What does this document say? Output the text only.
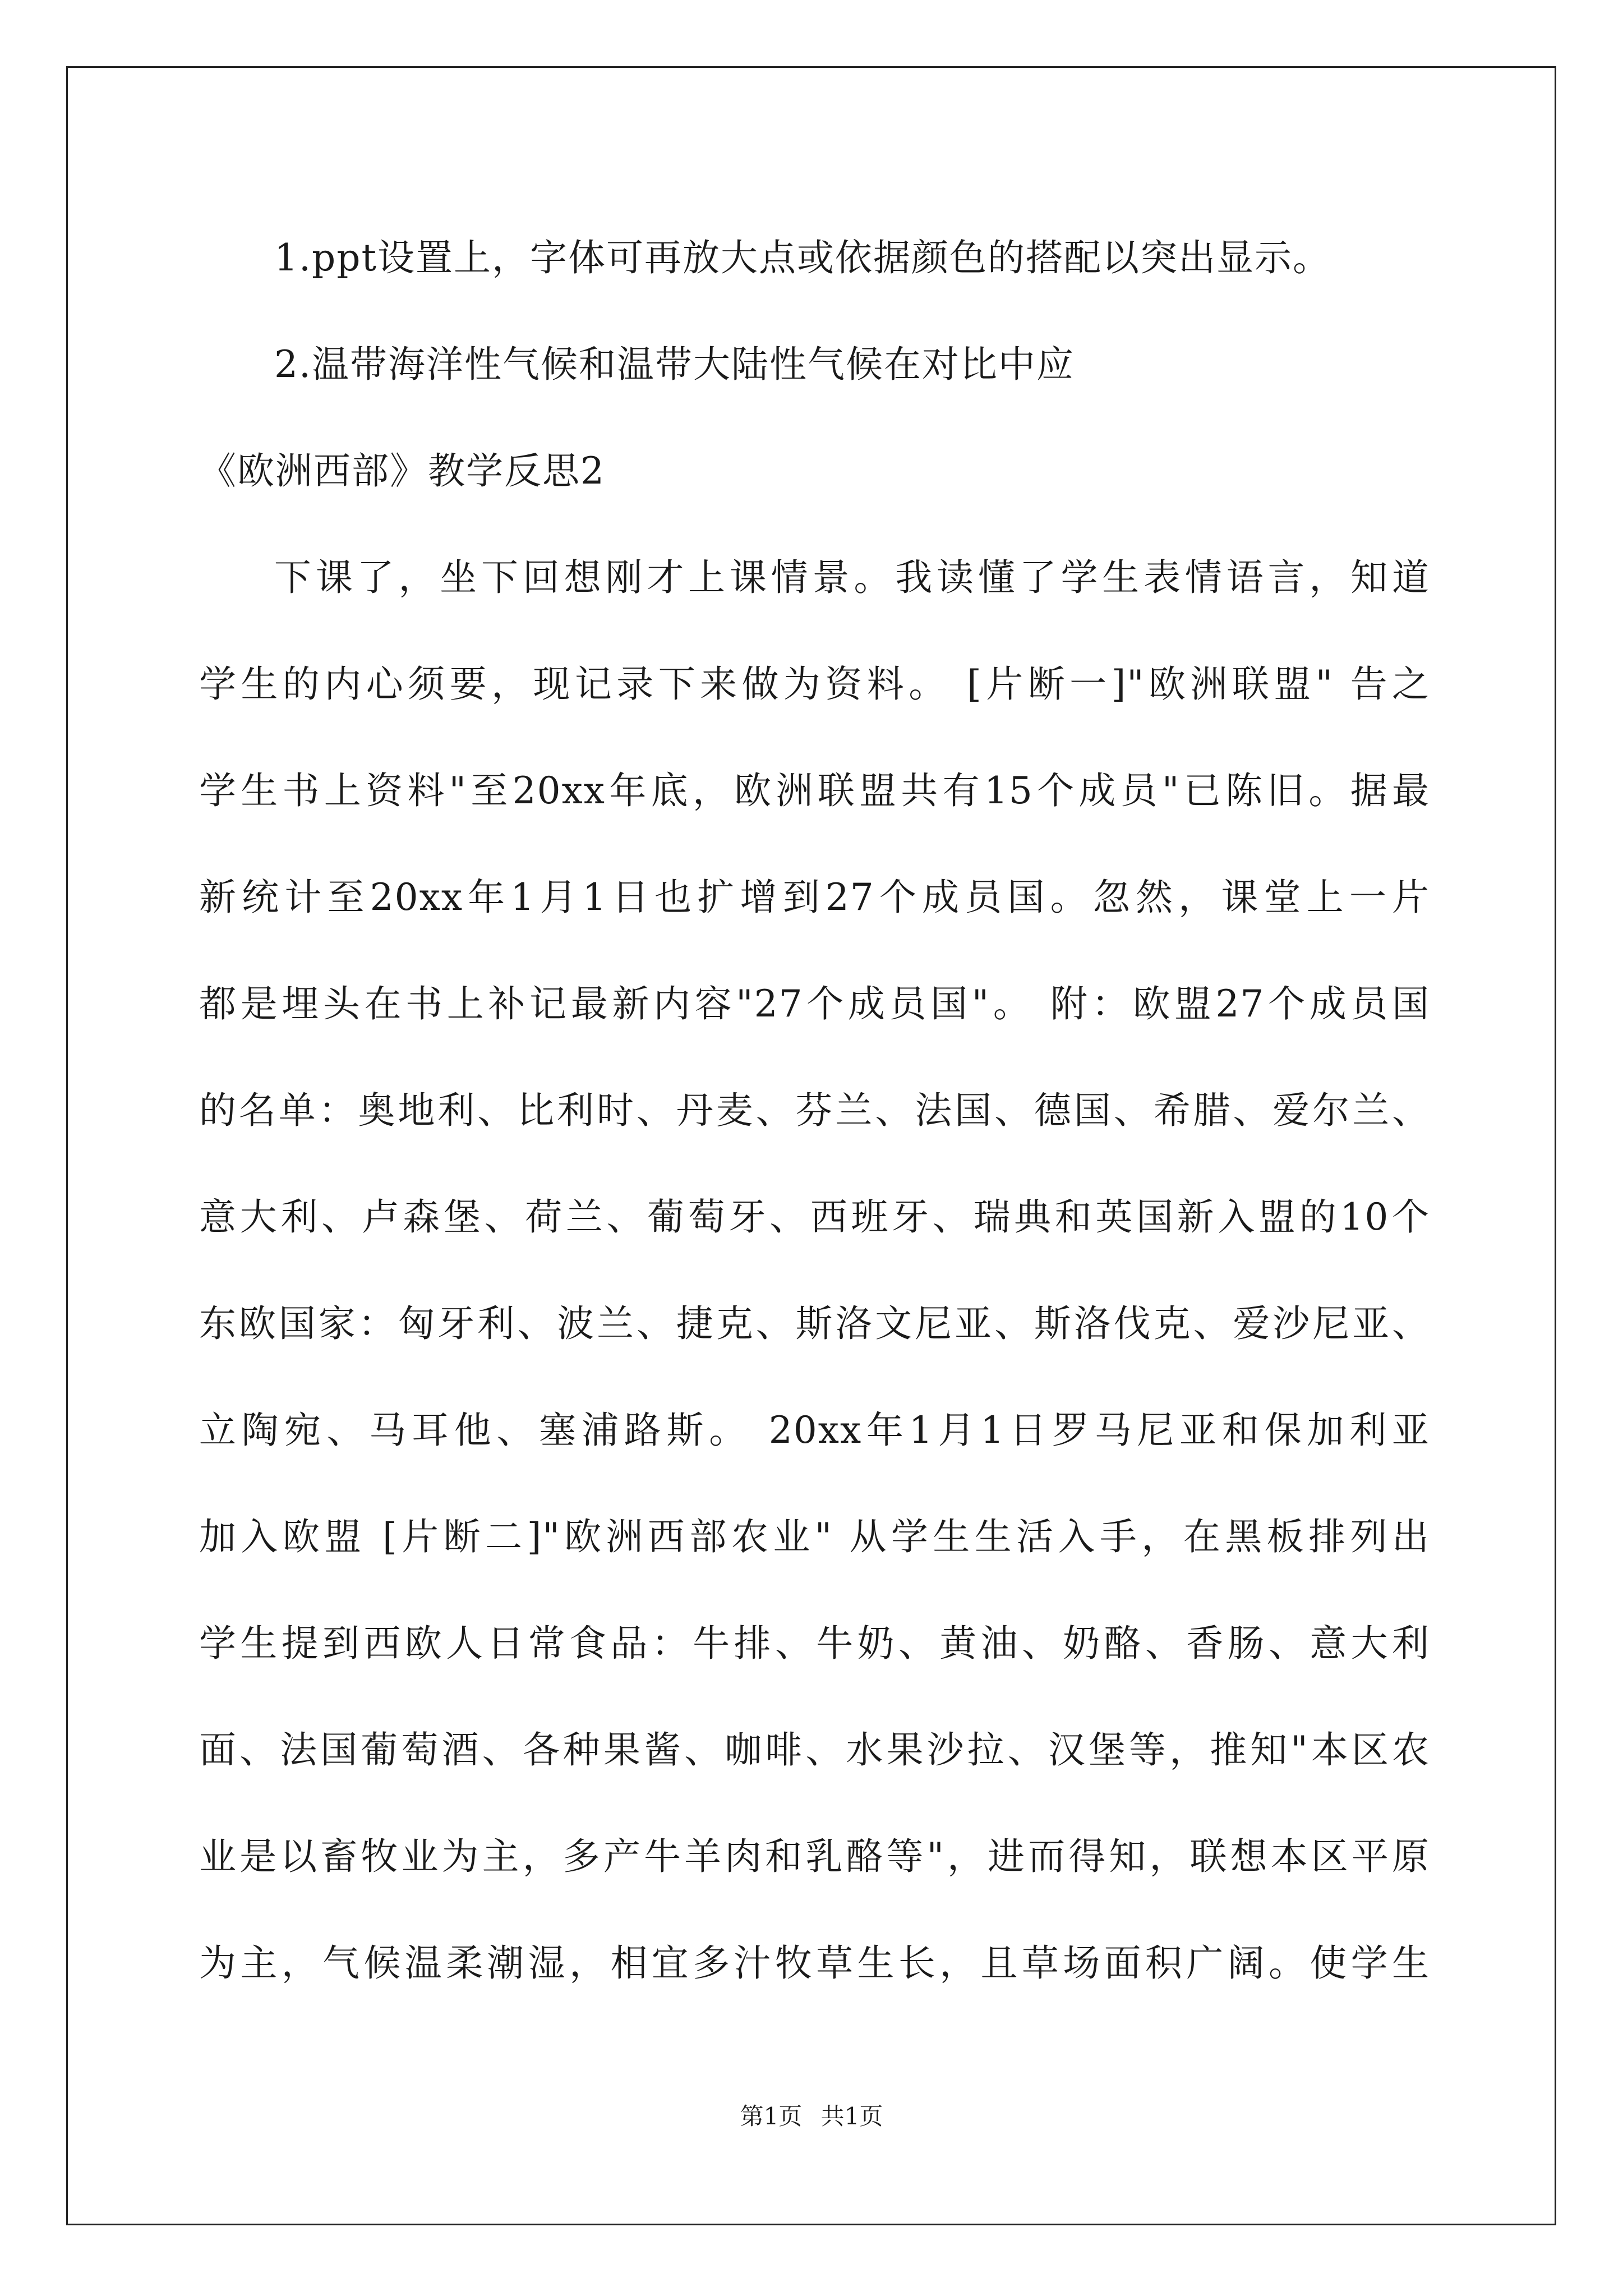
1.ppt设置上，字体可再放大点或依据颜色的搭配以突出显示。
2.温带海洋性气候和温带大陆性气候在对比中应
《欧洲西部》教学反思2
下课了，坐下回想刚才上课情景。我读懂了学生表情语言，知道
学生的内心须要，现记录下来做为资料。 [片断一]"欧洲联盟" 告之
学生书上资料"至20xx年底，欧洲联盟共有15个成员"已陈旧。据最
新统计至20xx年1月1日也扩增到27个成员国。忽然，课堂上一片
都是埋头在书上补记最新内容"27个成员国"。 附：欧盟27个成员国
的名单：奥地利、比利时、丹麦、芬兰、法国、德国、希腊、爱尔兰、
意大利、卢森堡、荷兰、葡萄牙、西班牙、瑞典和英国新入盟的10个
东欧国家：匈牙利、波兰、捷克、斯洛文尼亚、斯洛伐克、爱沙尼亚、
立陶宛、马耳他、塞浦路斯。 20xx年1月1日罗马尼亚和保加利亚
加入欧盟 [片断二]"欧洲西部农业" 从学生生活入手，在黑板排列出
学生提到西欧人日常食品：牛排、牛奶、黄油、奶酪、香肠、意大利
面、法国葡萄酒、各种果酱、咖啡、水果沙拉、汉堡等，推知"本区农
业是以畜牧业为主，多产牛羊肉和乳酪等"，进而得知，联想本区平原
为主，气候温柔潮湿，相宜多汁牧草生长，且草场面积广阔。使学生
第1页 共1页
